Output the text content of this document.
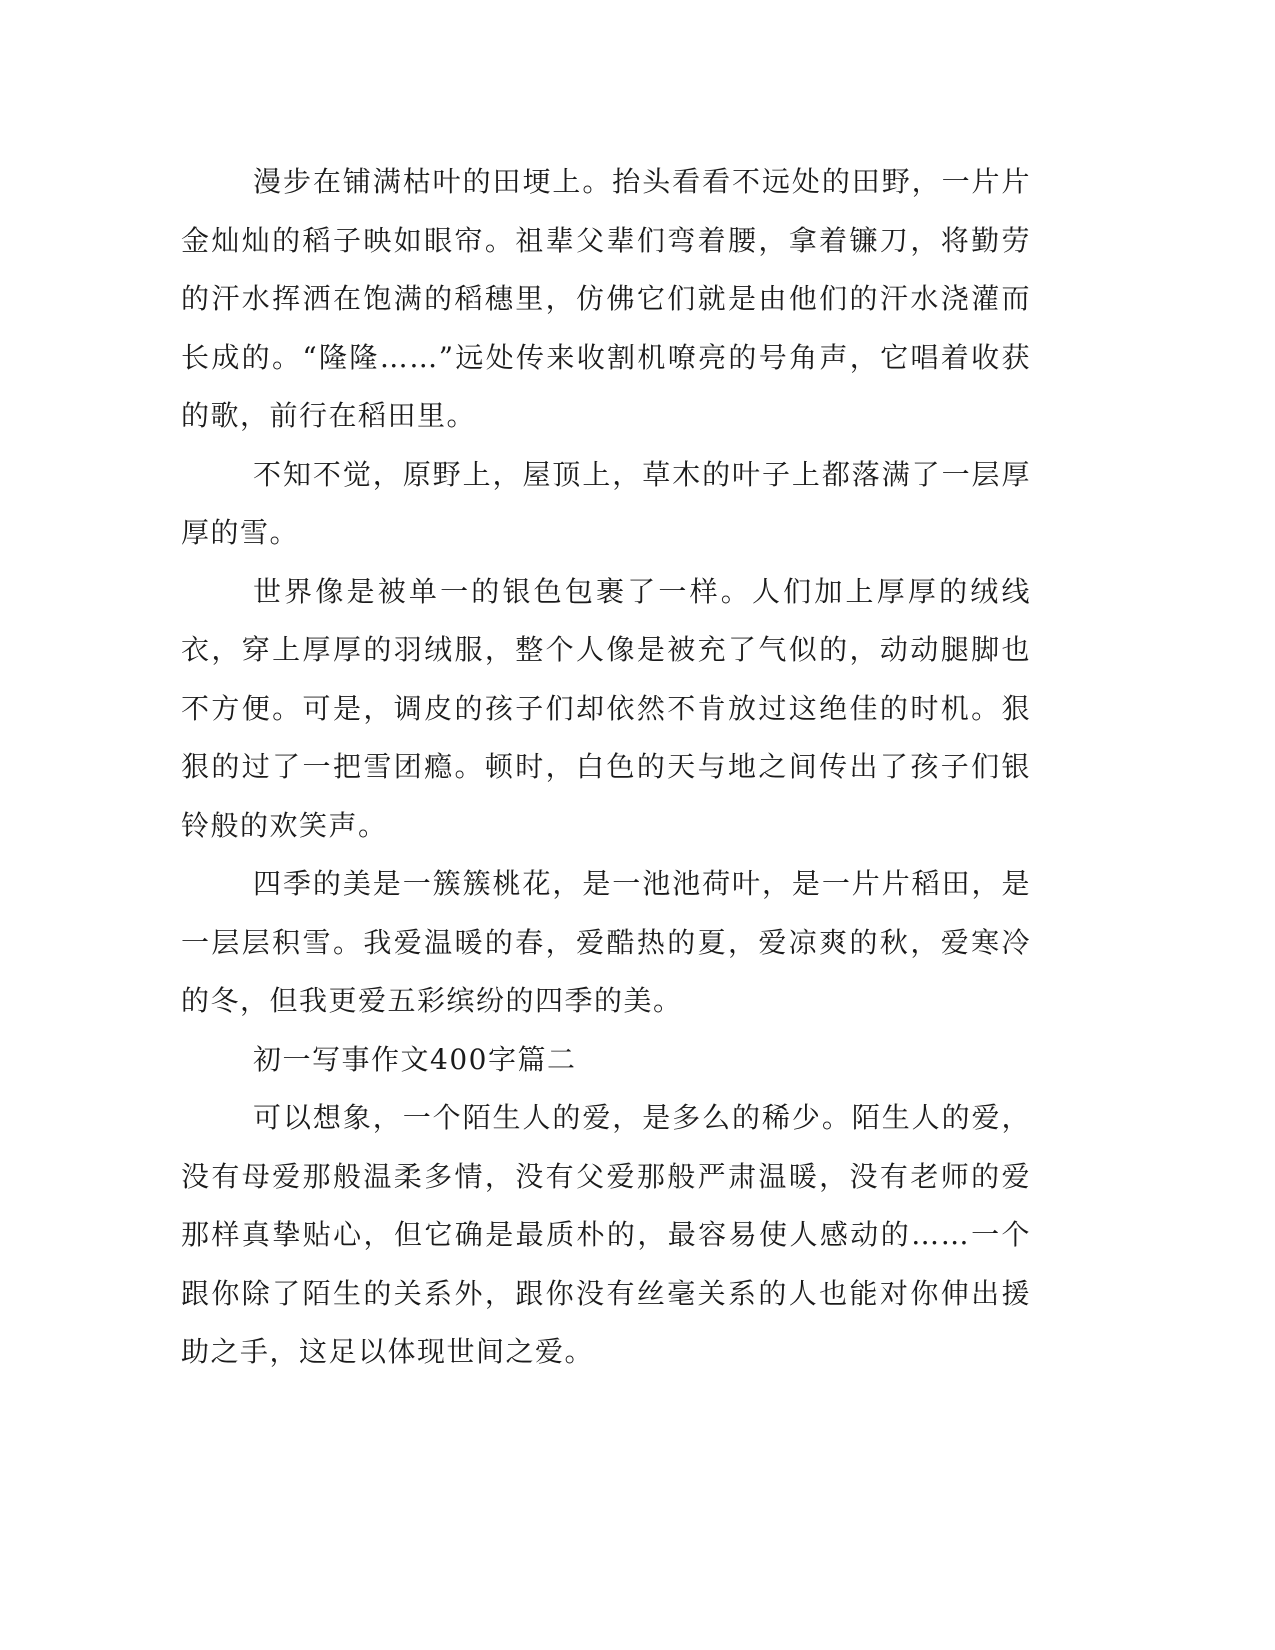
漫步在铺满枯叶的田埂上。抬头看看不远处的田野，一片片金灿灿的稻子映如眼帘。祖辈父辈们弯着腰，拿着镰刀，将勤劳的汗水挥洒在饱满的稻穗里，仿佛它们就是由他们的汗水浇灌而长成的。“隆隆……”远处传来收割机嘹亮的号角声，它唱着收获的歌，前行在稻田里。

不知不觉，原野上，屋顶上，草木的叶子上都落满了一层厚厚的雪。

世界像是被单一的银色包裹了一样。人们加上厚厚的绒线衣，穿上厚厚的羽绒服，整个人像是被充了气似的，动动腿脚也不方便。可是，调皮的孩子们却依然不肯放过这绝佳的时机。狠狠的过了一把雪团瘾。顿时，白色的天与地之间传出了孩子们银铃般的欢笑声。

四季的美是一簇簇桃花，是一池池荷叶，是一片片稻田，是一层层积雪。我爱温暖的春，爱酷热的夏，爱凉爽的秋，爱寒冷的冬，但我更爱五彩缤纷的四季的美。

初一写事作文400字篇二

可以想象，一个陌生人的爱，是多么的稀少。陌生人的爱，没有母爱那般温柔多情，没有父爱那般严肃温暖，没有老师的爱那样真挚贴心，但它确是最质朴的，最容易使人感动的……一个跟你除了陌生的关系外，跟你没有丝毫关系的人也能对你伸出援助之手，这足以体现世间之爱。
